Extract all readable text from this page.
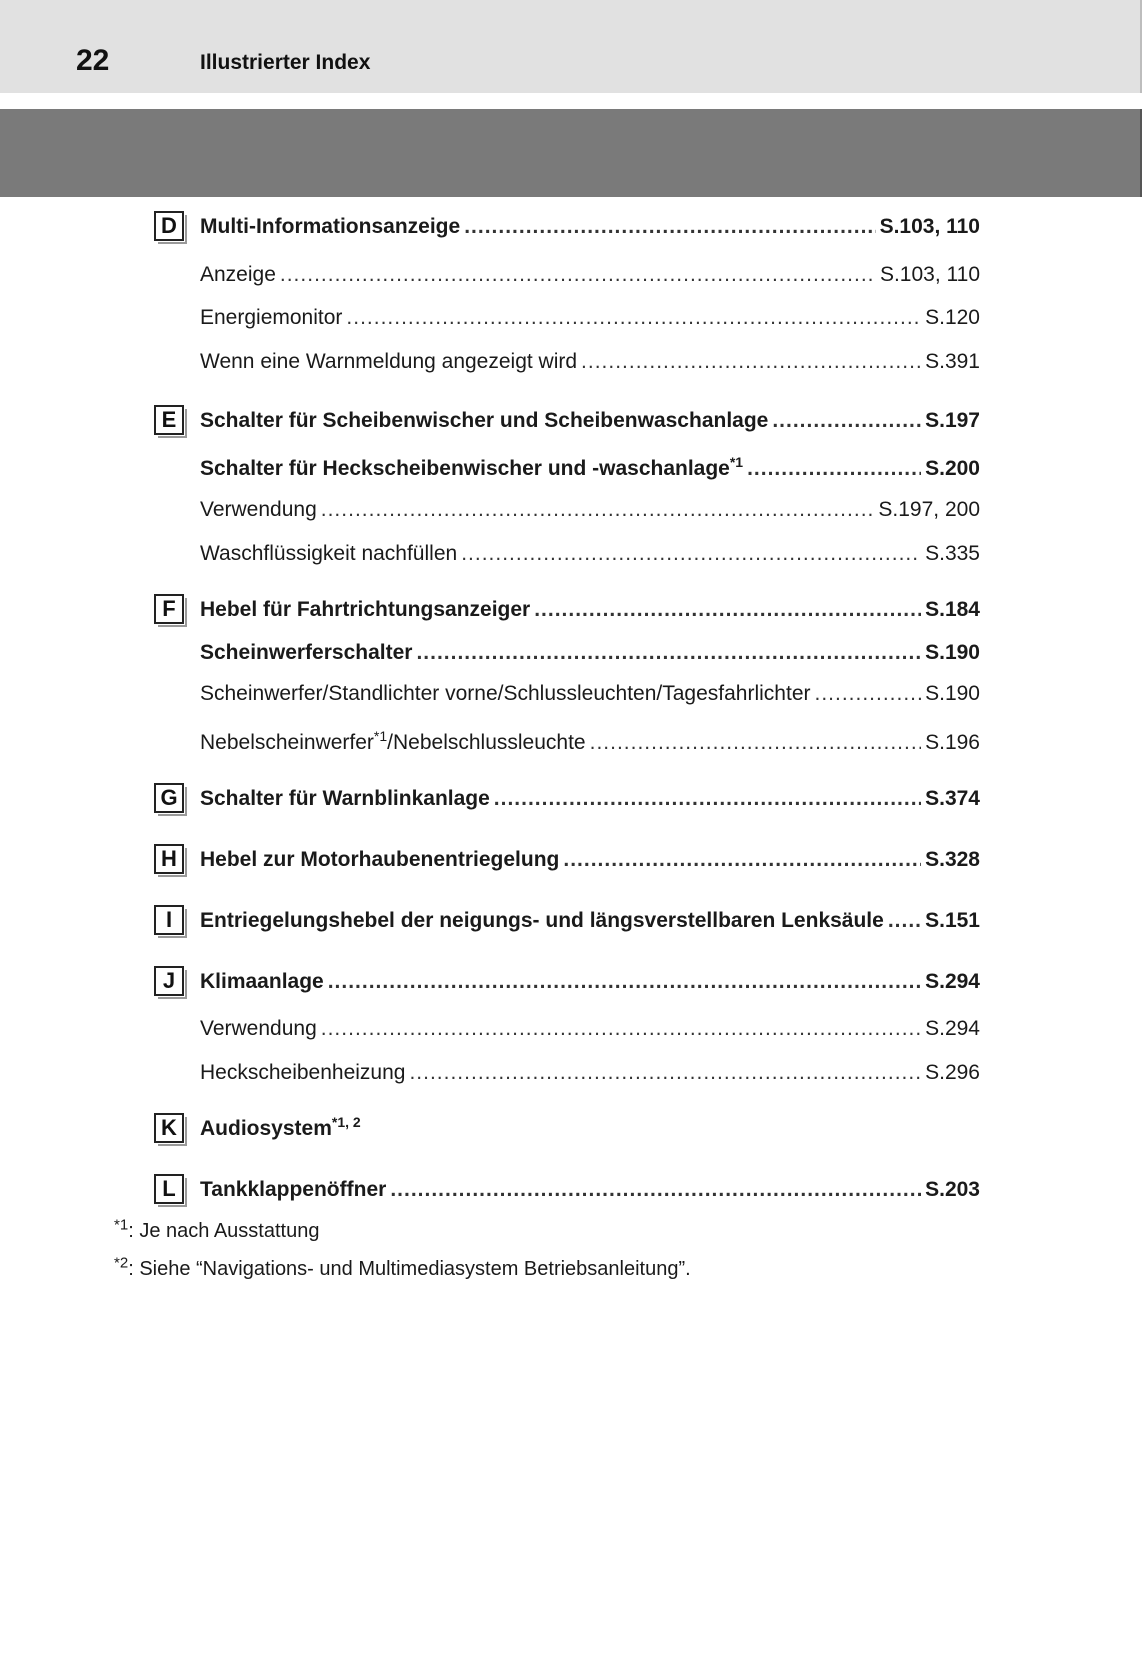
22	Illustrierter Index
D	Multi-Informationsanzeige .....	S.103, 110
Anzeige .....	S.103, 110
Energiemonitor .....	S.120
Wenn eine Warnmeldung angezeigt wird .....	S.391
E	Schalter für Scheibenwischer und Scheibenwaschanlage .....	S.197
Schalter für Heckscheibenwischer und -waschanlage$^{*1}$ .....	S.200
Verwendung .....	S.197, 200
Waschflüssigkeit nachfüllen .....	S.335
F	Hebel für Fahrtrichtungsanzeiger .....	S.184
Scheinwerferschalter .....	S.190
Scheinwerfer/Standlichter vorne/Schlussleuchten/Tagesfahrlichter .....	S.190
Nebelscheinwerfer$^{*1}$/Nebelschlussleuchte .....	S.196
G	Schalter für Warnblinkanlage .....	S.374
H	Hebel zur Motorhaubenentriegelung .....	S.328
I	Entriegelungshebel der neigungs- und längsverstellbaren Lenksäule ..... S.151
J	Klimaanlage .....	S.294
Verwendung .....	S.294
Heckscheibenheizung .....	S.296
K	Audiosystem$^{*1, 2}$
L	Tankklappenöffner .....	S.203
$^{*1}$: Je nach Ausstattung
$^{*2}$: Siehe “Navigations- und Multimediasystem Betriebsanleitung”.
